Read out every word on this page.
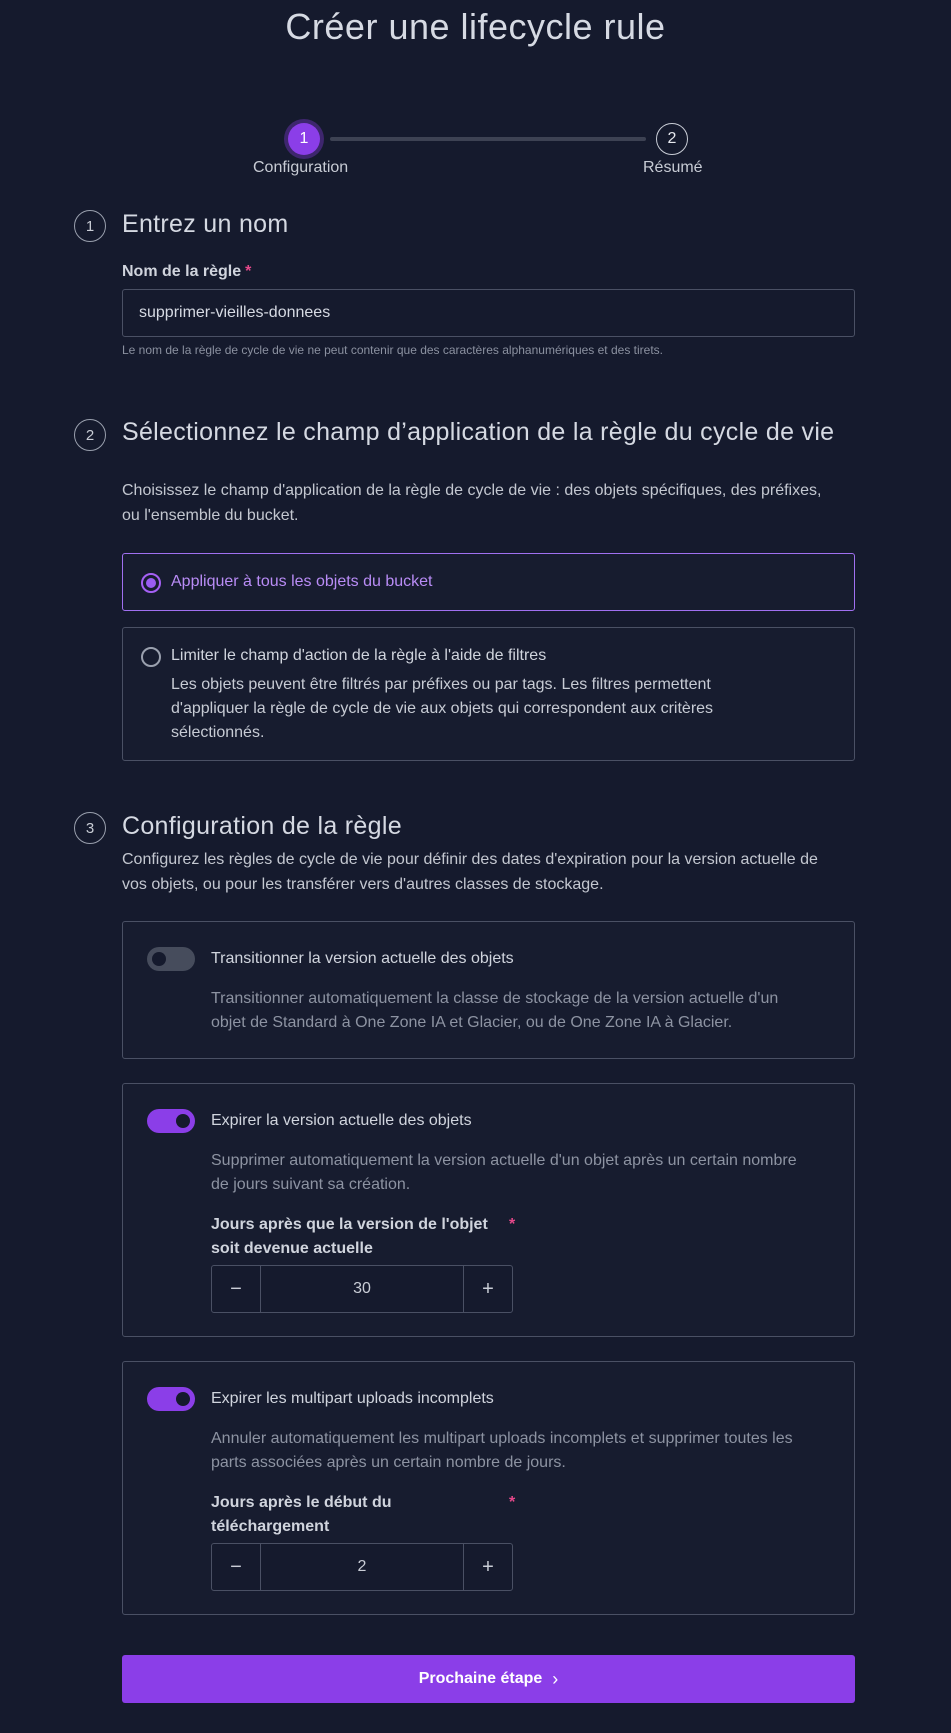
Créer une lifecycle rule
1	2
Configuration	Résumé
1	Entrez un nom
Nom de la règle *
supprimer-vieilles-donnees
Le nom de la règle de cycle de vie ne peut contenir que des caractères alphanumériques et des tirets.
2	Sélectionnez le champ d’application de la règle du cycle de vie

Choisissez le champ d'application de la règle de cycle de vie : des objets spécifiques, des préfixes, ou l'ensemble du bucket.

Appliquer à tous les objets du bucket
Limiter le champ d'action de la règle à l'aide de filtres

Les objets peuvent être filtrés par préfixes ou par tags. Les filtres permettent d'appliquer la règle de cycle de vie aux objets qui correspondent aux critères sélectionnés.

3	Configuration de la règle

Configurez les règles de cycle de vie pour définir des dates d'expiration pour la version actuelle de vos objets, ou pour les transférer vers d'autres classes de stockage.

Transitionner la version actuelle des objets

Transitionner automatiquement la classe de stockage de la version actuelle d'un objet de Standard à One Zone IA et Glacier, ou de One Zone IA à Glacier.

Expirer la version actuelle des objets

Supprimer automatiquement la version actuelle d'un objet après un certain nombre de jours suivant sa création.

Jours après que la version de l'objet soit devenue actuelle
*
−	30	+
Expirer les multipart uploads incomplets

Annuler automatiquement les multipart uploads incomplets et supprimer toutes les parts associées après un certain nombre de jours.

Jours après le début du téléchargement
*
−	2	+
Prochaine étape ›
